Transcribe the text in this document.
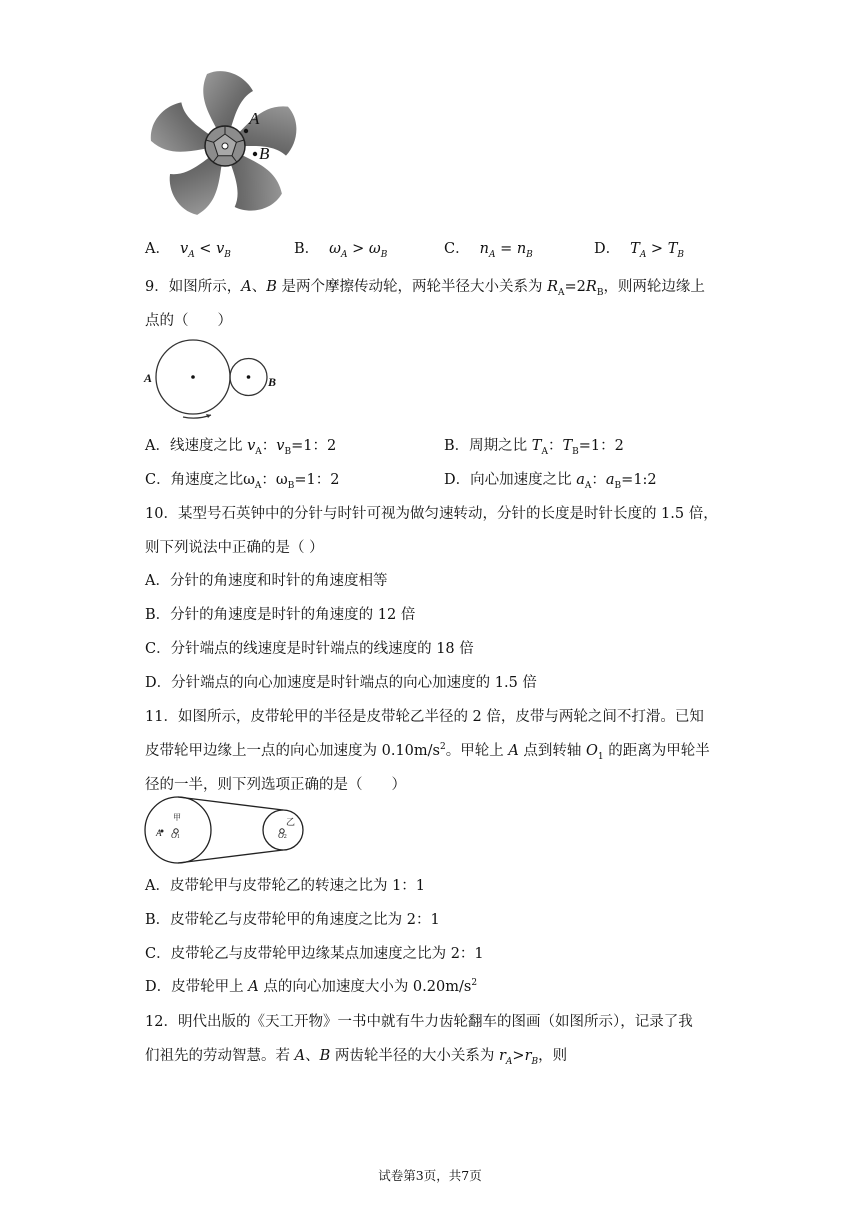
A
B
A． $v_A < v_B$	B． $\omega_A > \omega_B$	C． $n_A = n_B$	D． $T_A > T_B$
9．如图所示，A、B 是两个摩擦传动轮，两轮半径大小关系为 $R_A=2R_B$，则两轮边缘上
点的（　　）
A	B
A．线速度之比 $v_A$：$v_B=1$：2	B．周期之比 $T_A$：$T_B=1$：2
C．角速度之比$\omega_A$：$\omega_B=1$：2	D．向心加速度之比 $a_A$：$a_B=1:2$
10．某型号石英钟中的分针与时针可视为做匀速转动，分针的长度是时针长度的 1.5 倍，
则下列说法中正确的是（ ）
A．分针的角速度和时针的角速度相等
B．分针的角速度是时针的角速度的 12 倍
C．分针端点的线速度是时针端点的线速度的 18 倍
D．分针端点的向心加速度是时针端点的向心加速度的 1.5 倍
11．如图所示，皮带轮甲的半径是皮带轮乙半径的 2 倍，皮带与两轮之间不打滑。已知
皮带轮甲边缘上一点的向心加速度为 $0.10m/s^2$。甲轮上 A 点到转轴 $O_1$ 的距离为甲轮半
径的一半，则下列选项正确的是（　　）
甲
乙
A O1	O2
A．皮带轮甲与皮带轮乙的转速之比为 1：1
B．皮带轮乙与皮带轮甲的角速度之比为 2：1
C．皮带轮乙与皮带轮甲边缘某点加速度之比为 2：1
D．皮带轮甲上 A 点的向心加速度大小为 $0.20m/s^2$
12．明代出版的《天工开物》一书中就有牛力齿轮翻车的图画（如图所示），记录了我
们祖先的劳动智慧。若 A、B 两齿轮半径的大小关系为 $r_A>r_B$，则
试卷第3页，共7页
